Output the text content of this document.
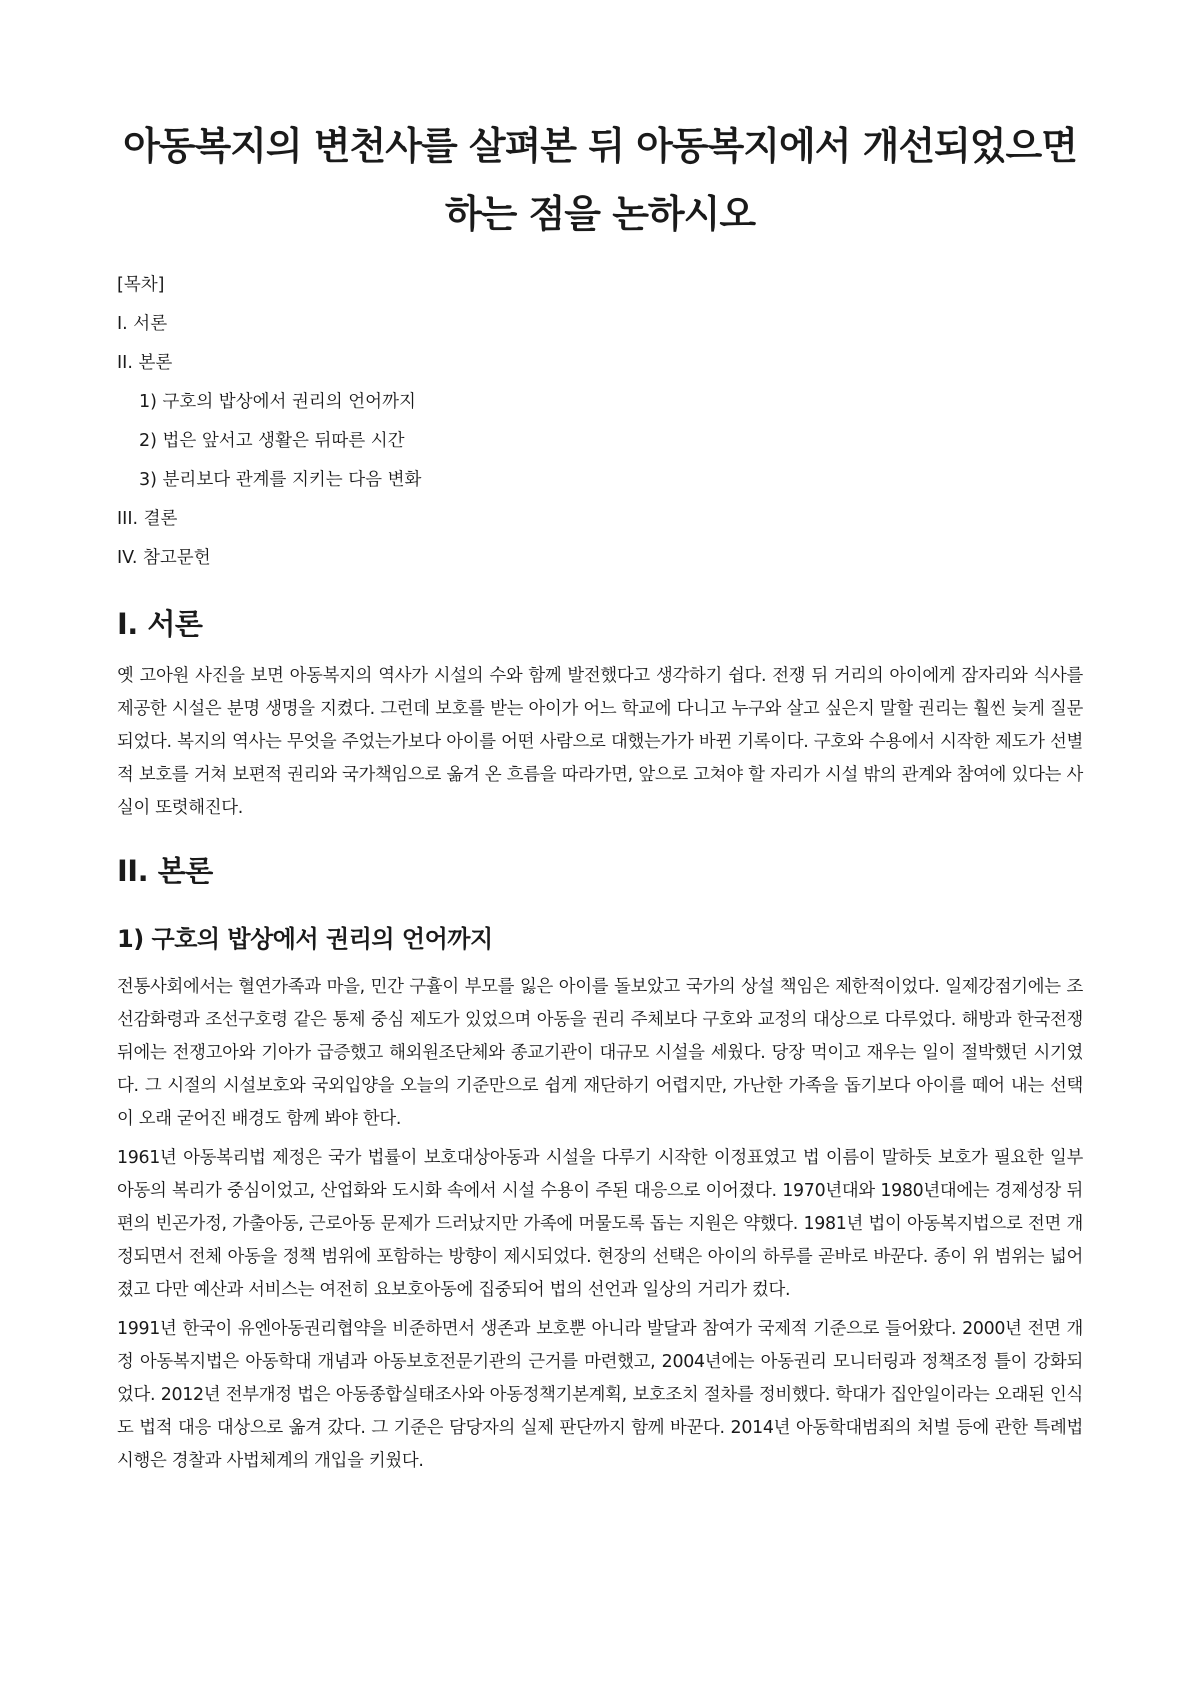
아동복지의 변천사를 살펴본 뒤 아동복지에서 개선되었으면 하는 점을 논하시오

[목차]

I. 서론

II. 본론

1) 구호의 밥상에서 권리의 언어까지

2) 법은 앞서고 생활은 뒤따른 시간

3) 분리보다 관계를 지키는 다음 변화

III. 결론

IV. 참고문헌

I. 서론

옛 고아원 사진을 보면 아동복지의 역사가 시설의 수와 함께 발전했다고 생각하기 쉽다. 전쟁 뒤 거리의 아이에게 잠자리와 식사를 제공한 시설은 분명 생명을 지켰다. 그런데 보호를 받는 아이가 어느 학교에 다니고 누구와 살고 싶은지 말할 권리는 훨씬 늦게 질문되었다. 복지의 역사는 무엇을 주었는가보다 아이를 어떤 사람으로 대했는가가 바뀐 기록이다. 구호와 수용에서 시작한 제도가 선별적 보호를 거쳐 보편적 권리와 국가책임으로 옮겨 온 흐름을 따라가면, 앞으로 고쳐야 할 자리가 시설 밖의 관계와 참여에 있다는 사실이 또렷해진다.

II. 본론
1) 구호의 밥상에서 권리의 언어까지

전통사회에서는 혈연가족과 마을, 민간 구휼이 부모를 잃은 아이를 돌보았고 국가의 상설 책임은 제한적이었다. 일제강점기에는 조선감화령과 조선구호령 같은 통제 중심 제도가 있었으며 아동을 권리 주체보다 구호와 교정의 대상으로 다루었다. 해방과 한국전쟁 뒤에는 전쟁고아와 기아가 급증했고 해외원조단체와 종교기관이 대규모 시설을 세웠다. 당장 먹이고 재우는 일이 절박했던 시기였다. 그 시절의 시설보호와 국외입양을 오늘의 기준만으로 쉽게 재단하기 어렵지만, 가난한 가족을 돕기보다 아이를 떼어 내는 선택이 오래 굳어진 배경도 함께 봐야 한다.

1961년 아동복리법 제정은 국가 법률이 보호대상아동과 시설을 다루기 시작한 이정표였고 법 이름이 말하듯 보호가 필요한 일부 아동의 복리가 중심이었고, 산업화와 도시화 속에서 시설 수용이 주된 대응으로 이어졌다. 1970년대와 1980년대에는 경제성장 뒤편의 빈곤가정, 가출아동, 근로아동 문제가 드러났지만 가족에 머물도록 돕는 지원은 약했다. 1981년 법이 아동복지법으로 전면 개정되면서 전체 아동을 정책 범위에 포함하는 방향이 제시되었다. 현장의 선택은 아이의 하루를 곧바로 바꾼다. 종이 위 범위는 넓어졌고 다만 예산과 서비스는 여전히 요보호아동에 집중되어 법의 선언과 일상의 거리가 컸다.

1991년 한국이 유엔아동권리협약을 비준하면서 생존과 보호뿐 아니라 발달과 참여가 국제적 기준으로 들어왔다. 2000년 전면 개정 아동복지법은 아동학대 개념과 아동보호전문기관의 근거를 마련했고, 2004년에는 아동권리 모니터링과 정책조정 틀이 강화되었다. 2012년 전부개정 법은 아동종합실태조사와 아동정책기본계획, 보호조치 절차를 정비했다. 학대가 집안일이라는 오래된 인식도 법적 대응 대상으로 옮겨 갔다. 그 기준은 담당자의 실제 판단까지 함께 바꾼다. 2014년 아동학대범죄의 처벌 등에 관한 특례법 시행은 경찰과 사법체계의 개입을 키웠다.
